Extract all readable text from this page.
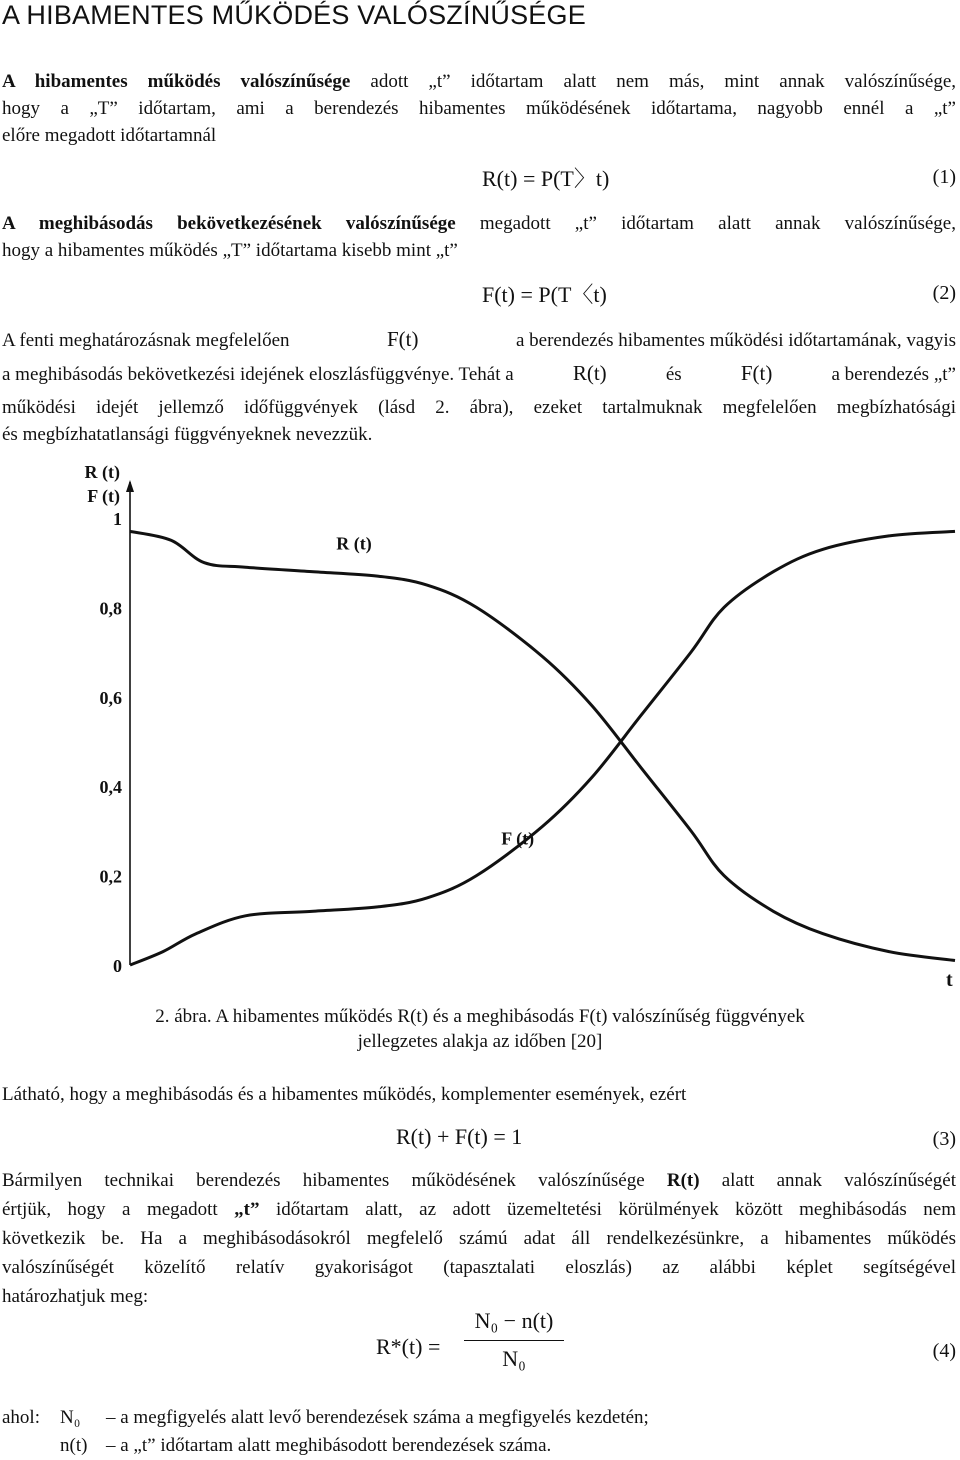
A HIBAMENTES MŰKÖDÉS VALÓSZÍNŰSÉGE
A hibamentes működés valószínűsége adott „t” időtartam alatt nem más, mint annak valószínűsége,
hogy a „T” időtartam, ami a berendezés hibamentes működésének időtartama, nagyobb ennél a „t”
előre megadott időtartamnál
R(t) = P(T〉t)	(1)
A meghibásodás bekövetkezésének valószínűsége megadott „t” időtartam alatt annak valószínűsége,
hogy a hibamentes működés „T” időtartama kisebb mint „t”
F(t) = P(T〈t)	(2)
A fenti meghatározásnak megfelelően	F(t)	a berendezés hibamentes működési időtartamának, vagyis
a meghibásodás bekövetkezési idejének eloszlásfüggvénye. Tehát a	R(t)	és	F(t)	a berendezés „t”
működési idejét jellemző időfüggvények (lásd 2. ábra), ezeket tartalmuknak megfelelően megbízhatósági
és megbízhatatlansági függvényeknek nevezzük.
R (t)
F (t)
1
0,8
0,6
0,4
0,2
0
t
R (t)
F (t)
2. ábra. A hibamentes működés R(t) és a meghibásodás F(t) valószínűség függvények
jellegzetes alakja az időben [20]
Látható, hogy a meghibásodás és a hibamentes működés, komplementer események, ezért
R(t) + F(t) = 1	(3)
Bármilyen technikai berendezés hibamentes működésének valószínűsége R(t) alatt annak valószínűségét
értjük, hogy a megadott „t” időtartam alatt, az adott üzemeltetési körülmények között meghibásodás nem
következik be. Ha a meghibásodásokról megfelelő számú adat áll rendelkezésünkre, a hibamentes működés
valószínűségét közelítő relatív gyakoriságot (tapasztalati eloszlás) az alábbi képlet segítségével
határozhatjuk meg:
R*(t) =
N₀ − n(t)
N₀	(4)
ahol: N₀ – a megfigyelés alatt levő berendezések száma a megfigyelés kezdetén;
n(t) – a „t” időtartam alatt meghibásodott berendezések száma.
